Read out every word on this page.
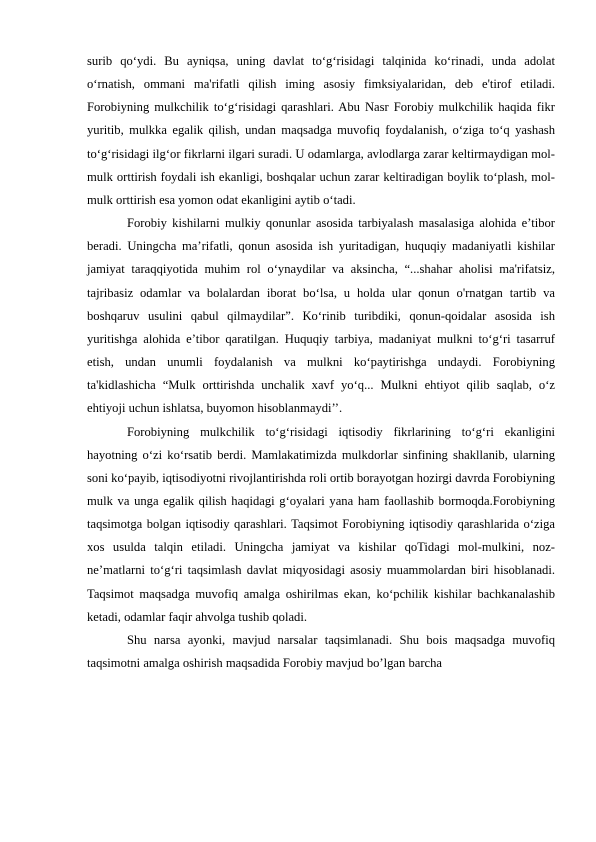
surib qo‘ydi. Bu ayniqsa, uning davlat to‘g‘risidagi talqinida ko‘rinadi, unda adolat o‘rnatish, ommani ma'rifatli qilish iming asosiy fimksiyalaridan, deb e'tirof etiladi. Forobiyning mulkchilik to‘g‘risidagi qarashlari. Abu Nasr Forobiy mulkchilik haqida fikr yuritib, mulkka egalik qilish, undan maqsadga muvofiq foydalanish, o‘ziga to‘q yashash to‘g‘risidagi ilg‘or fikrlarni ilgari suradi. U odamlarga, avlodlarga zarar keltirmaydigan mol-mulk orttirish foydali ish ekanligi, boshqalar uchun zarar keltiradigan boylik to‘plash, mol-mulk orttirish esa yomon odat ekanligini aytib o‘tadi.

Forobiy kishilarni mulkiy qonunlar asosida tarbiyalash masalasiga alohida e’tibor beradi. Uningcha ma’rifatli, qonun asosida ish yuritadigan, huquqiy madaniyatli kishilar jamiyat taraqqiyotida muhim rol o‘ynaydilar va aksincha, “...shahar aholisi ma'rifatsiz, tajribasiz odamlar va bolalardan iborat bo‘lsa, u holda ular qonun o'rnatgan tartib va boshqaruv usulini qabul qilmaydilar”. Ko‘rinib turibdiki, qonun-qoidalar asosida ish yuritishga alohida e’tibor qaratilgan. Huquqiy tarbiya, madaniyat mulkni to‘g‘ri tasarruf etish, undan unumli foydalanish va mulkni ko‘paytirishga undaydi. Forobiyning ta'kidlashicha “Mulk orttirishda unchalik xavf yo‘q... Mulkni ehtiyot qilib saqlab, o‘z ehtiyoji uchun ishlatsa, buyomon hisoblanmaydi’’.

Forobiyning mulkchilik to‘g‘risidagi iqtisodiy fikrlarining to‘g‘ri ekanligini hayotning o‘zi ko‘rsatib berdi. Mamlakatimizda mulkdorlar sinfining shakllanib, ularning soni ko‘payib, iqtisodiyotni rivojlantirishda roli ortib borayotgan hozirgi davrda Forobiyning mulk va unga egalik qilish haqidagi g‘oyalari yana ham faollashib bormoqda.Forobiyning taqsimotga bolgan iqtisodiy qarashlari. Taqsimot Forobiyning iqtisodiy qarashlarida o‘ziga xos usulda talqin etiladi. Uningcha jamiyat va kishilar qoTidagi mol-mulkini, noz-ne’matlarni to‘g‘ri taqsimlash davlat miqyosidagi asosiy muammolardan biri hisoblanadi. Taqsimot maqsadga muvofiq amalga oshirilmas ekan, ko‘pchilik kishilar bachkanalashib ketadi, odamlar faqir ahvolga tushib qoladi.

Shu narsa ayonki, mavjud narsalar taqsimlanadi. Shu bois maqsadga muvofiq taqsimotni amalga oshirish maqsadida Forobiy mavjud bo’lgan barcha
